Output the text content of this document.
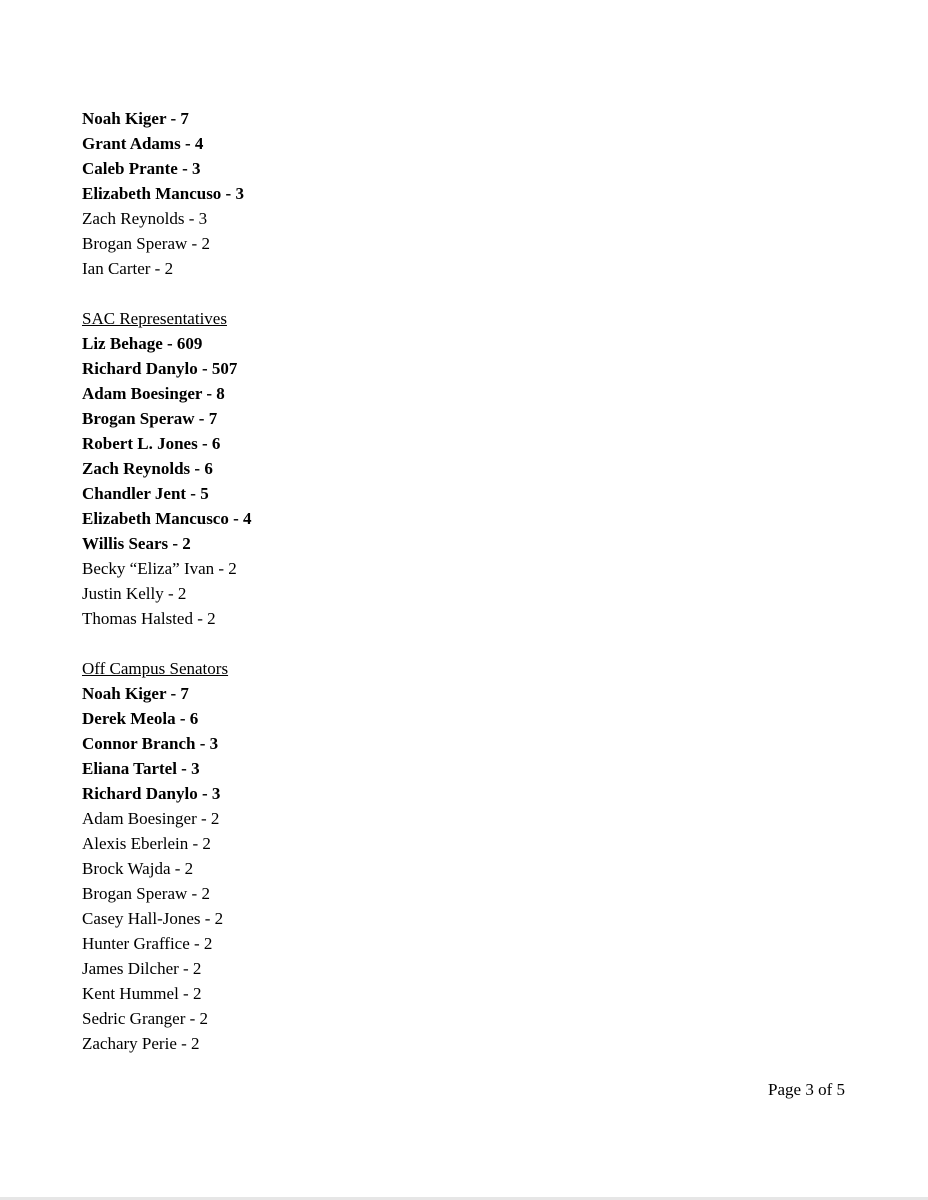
Noah Kiger - 7
Grant Adams - 4
Caleb Prante - 3
Elizabeth Mancuso - 3
Zach Reynolds - 3
Brogan Speraw - 2
Ian Carter - 2
SAC Representatives
Liz Behage - 609
Richard Danylo - 507
Adam Boesinger - 8
Brogan Speraw - 7
Robert L. Jones - 6
Zach Reynolds - 6
Chandler Jent - 5
Elizabeth Mancusco - 4
Willis Sears - 2
Becky “Eliza” Ivan - 2
Justin Kelly - 2
Thomas Halsted - 2
Off Campus Senators
Noah Kiger - 7
Derek Meola - 6
Connor Branch - 3
Eliana Tartel - 3
Richard Danylo - 3
Adam Boesinger - 2
Alexis Eberlein - 2
Brock Wajda - 2
Brogan Speraw - 2
Casey Hall-Jones - 2
Hunter Graffice - 2
James Dilcher - 2
Kent Hummel - 2
Sedric Granger - 2
Zachary Perie - 2
Page 3 of 5
